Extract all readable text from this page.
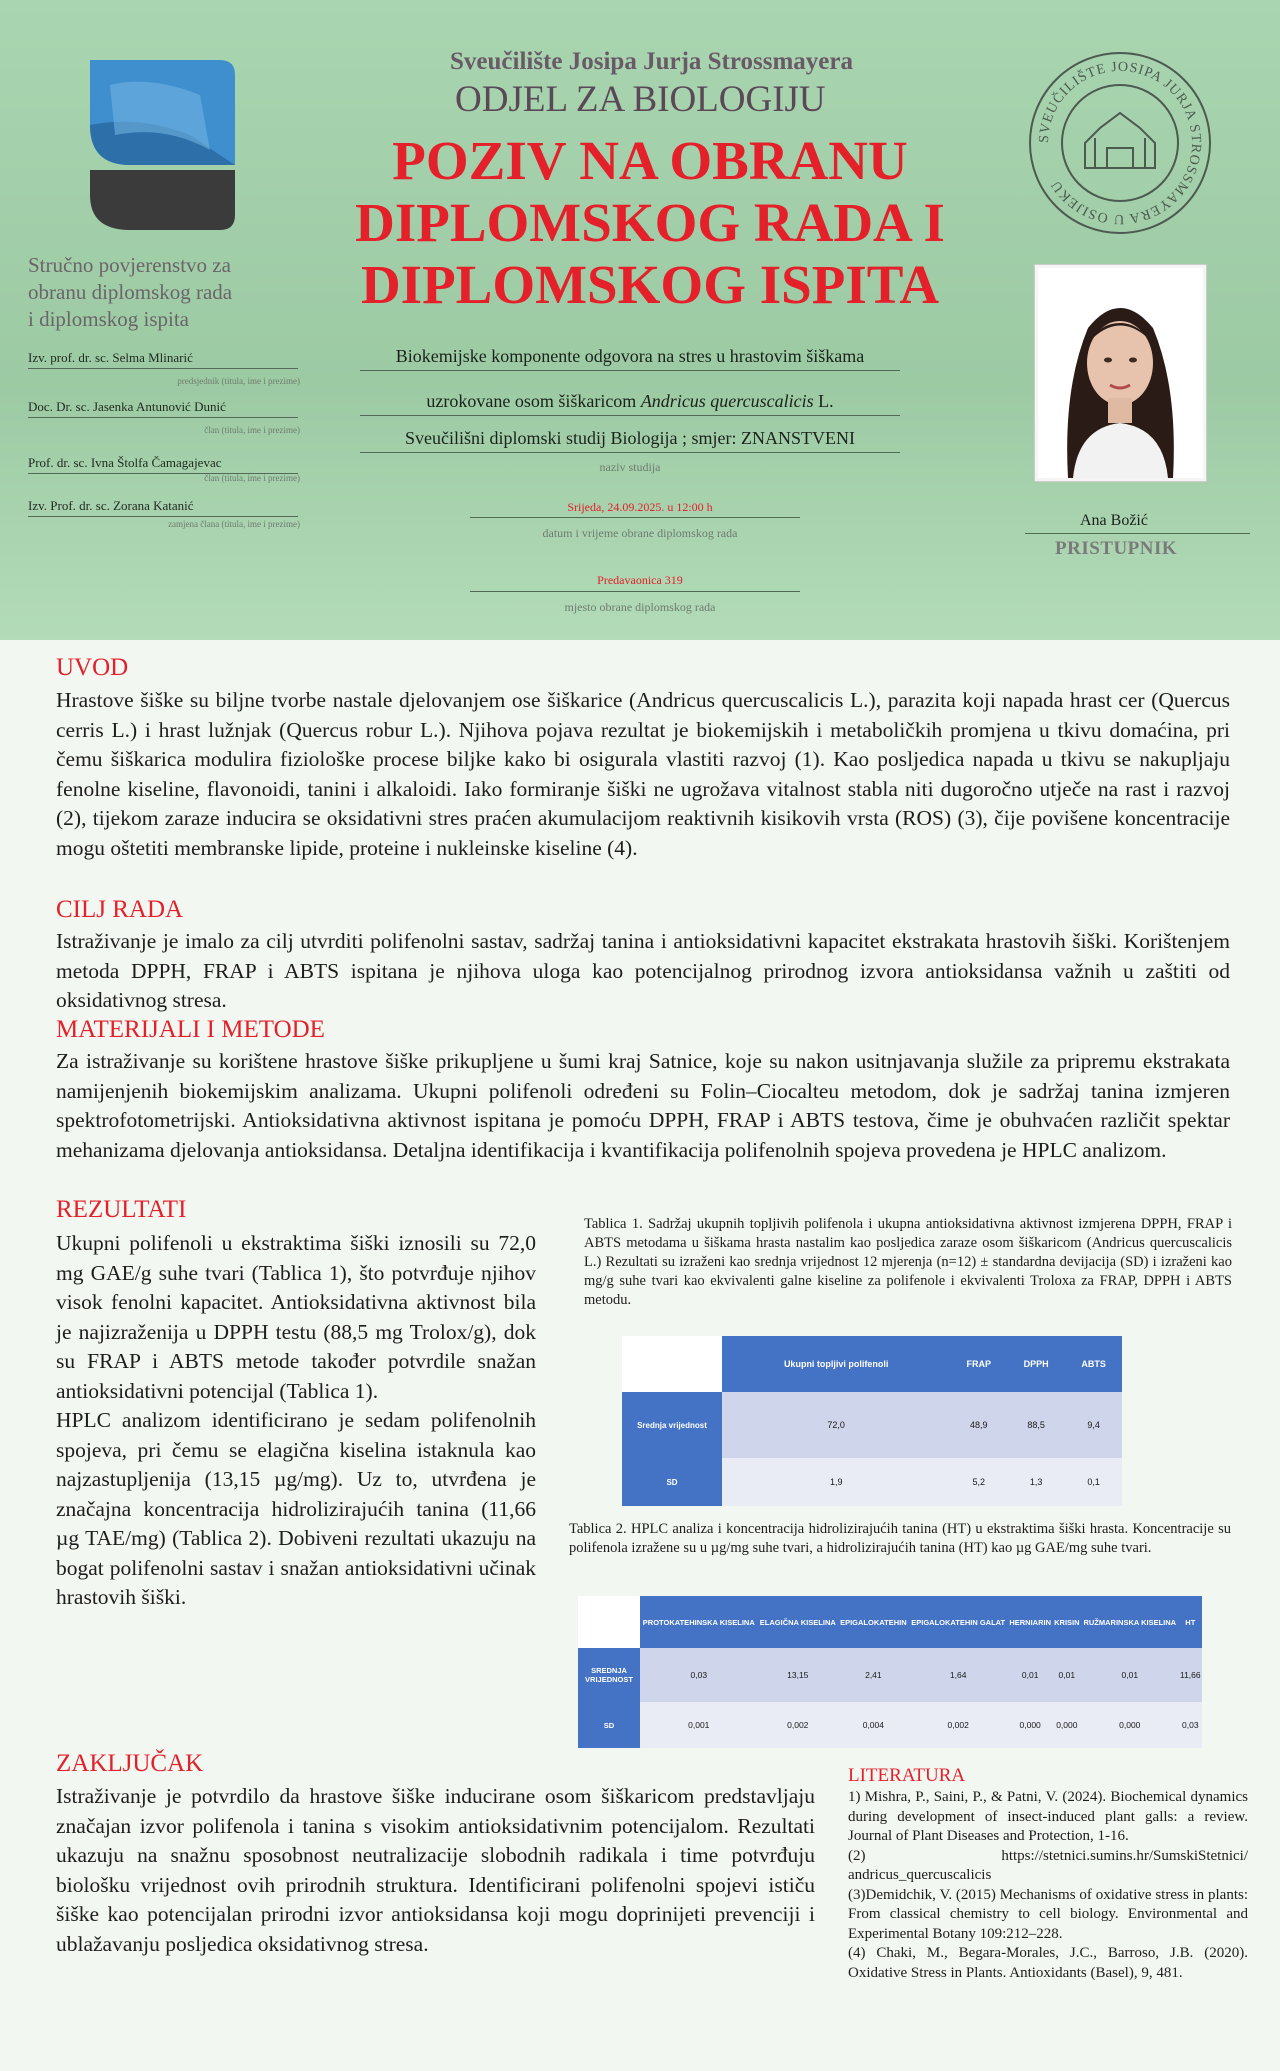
Sveučilište Josipa Jurja Strossmayera
ODJEL ZA BIOLOGIJU
POZIV NA OBRANU
DIPLOMSKOG RADA I
DIPLOMSKOG ISPITA
SVEUČILIŠTE JOSIPA JURJA STROSSMAYERA U OSIJEKU
Stručno povjerenstvo za
obranu diplomskog rada
i diplomskog ispita
Izv. prof. dr. sc. Selma Mlinarić
predsjednik (titula, ime i prezime)
Doc. Dr. sc. Jasenka Antunović Dunić
član (titula, ime i prezime)
Prof. dr. sc. Ivna Štolfa Čamagajevac
član (titula, ime i prezime)
Izv. Prof. dr. sc. Zorana Katanić
zamjena člana (titula, ime i prezime)
Biokemijske komponente odgovora na stres u hrastovim šiškama
uzrokovane osom šiškaricom Andricus quercuscalicis L.
Sveučilišni diplomski studij Biologija ; smjer: ZNANSTVENI
naziv studija
Srijeda, 24.09.2025. u 12:00 h
datum i vrijeme obrane diplomskog rada
Predavaonica 319
mjesto obrane diplomskog rada
Ana Božić
PRISTUPNIK
UVOD
Hrastove šiške su biljne tvorbe nastale djelovanjem ose šiškarice (Andricus quercuscalicis L.), parazita koji napada hrast cer (Quercus cerris L.) i hrast lužnjak (Quercus robur L.). Njihova pojava rezultat je biokemijskih i metaboličkih promjena u tkivu domaćina, pri čemu šiškarica modulira fiziološke procese biljke kako bi osigurala vlastiti razvoj (1). Kao posljedica napada u tkivu se nakupljaju fenolne kiseline, flavonoidi, tanini i alkaloidi. Iako formiranje šiški ne ugrožava vitalnost stabla niti dugoročno utječe na rast i razvoj (2), tijekom zaraze inducira se oksidativni stres praćen akumulacijom reaktivnih kisikovih vrsta (ROS) (3), čije povišene koncentracije mogu oštetiti membranske lipide, proteine i nukleinske kiseline (4).
CILJ RADA
Istraživanje je imalo za cilj utvrditi polifenolni sastav, sadržaj tanina i antioksidativni kapacitet ekstrakata hrastovih šiški. Korištenjem metoda DPPH, FRAP i ABTS ispitana je njihova uloga kao potencijalnog prirodnog izvora antioksidansa važnih u zaštiti od oksidativnog stresa.
MATERIJALI I METODE
Za istraživanje su korištene hrastove šiške prikupljene u šumi kraj Satnice, koje su nakon usitnjavanja služile za pripremu ekstrakata namijenjenih biokemijskim analizama. Ukupni polifenoli određeni su Folin–Ciocalteu metodom, dok je sadržaj tanina izmjeren spektrofotometrijski. Antioksidativna aktivnost ispitana je pomoću DPPH, FRAP i ABTS testova, čime je obuhvaćen različit spektar mehanizama djelovanja antioksidansa. Detaljna identifikacija i kvantifikacija polifenolnih spojeva provedena je HPLC analizom.
REZULTATI
Ukupni polifenoli u ekstraktima šiški iznosili su 72,0 mg GAE/g suhe tvari (Tablica 1), što potvrđuje njihov visok fenolni kapacitet. Antioksidativna aktivnost bila je najizraženija u DPPH testu (88,5 mg Trolox/g), dok su FRAP i ABTS metode također potvrdile snažan antioksidativni potencijal (Tablica 1).
HPLC analizom identificirano je sedam polifenolnih spojeva, pri čemu se elagična kiselina istaknula kao najzastupljenija (13,15 µg/mg). Uz to, utvrđena je značajna koncentracija hidrolizirajućih tanina (11,66 µg TAE/mg) (Tablica 2). Dobiveni rezultati ukazuju na bogat polifenolni sastav i snažan antioksidativni učinak hrastovih šiški.
Tablica 1. Sadržaj ukupnih topljivih polifenola i ukupna antioksidativna aktivnost izmjerena DPPH, FRAP i ABTS metodama u šiškama hrasta nastalim kao posljedica zaraze osom šiškaricom (Andricus quercuscalicis L.) Rezultati su izraženi kao srednja vrijednost 12 mjerenja (n=12) ± standardna devijacija (SD) i izraženi kao mg/g suhe tvari kao ekvivalenti galne kiseline za polifenole i ekvivalenti Troloxa za FRAP, DPPH i ABTS metodu.
	Ukupni topljivi polifenoli	FRAP	DPPH	ABTS
Srednja vrijednost	72,0	48,9	88,5	9,4
SD	1,9	5,2	1,3	0,1
Tablica 2. HPLC analiza i koncentracija hidrolizirajućih tanina (HT) u ekstraktima šiški hrasta. Koncentracije su polifenola izražene su u µg/mg suhe tvari, a hidrolizirajućih tanina (HT) kao µg GAE/mg suhe tvari.
	PROTOKATEHINSKA KISELINA	ELAGIČNA KISELINA	EPIGALOKATEHIN	EPIGALOKATEHIN GALAT	HERNIARIN	KRISIN	RUŽMARINSKA KISELINA	HT
SREDNJA VRIJEDNOST	0,03	13,15	2,41	1,64	0,01	0,01	0,01	11,66
SD	0,001	0,002	0,004	0,002	0,000	0,000	0,000	0,03
ZAKLJUČAK
Istraživanje je potvrdilo da hrastove šiške inducirane osom šiškaricom predstavljaju značajan izvor polifenola i tanina s visokim antioksidativnim potencijalom. Rezultati ukazuju na snažnu sposobnost neutralizacije slobodnih radikala i time potvrđuju biološku vrijednost ovih prirodnih struktura. Identificirani polifenolni spojevi ističu šiške kao potencijalan prirodni izvor antioksidansa koji mogu doprinijeti prevenciji i ublažavanju posljedica oksidativnog stresa.
LITERATURA
1) Mishra, P., Saini, P., & Patni, V. (2024). Biochemical dynamics during development of insect-induced plant galls: a review. Journal of Plant Diseases and Protection, 1-16.
(2) https://stetnici.sumins.hr/SumskiStetnici/ andricus_quercuscalicis
(3)Demidchik, V. (2015) Mechanisms of oxidative stress in plants: From classical chemistry to cell biology. Environmental and Experimental Botany 109:212–228.
(4) Chaki, M., Begara-Morales, J.C., Barroso, J.B. (2020). Oxidative Stress in Plants. Antioxidants (Basel), 9, 481.
